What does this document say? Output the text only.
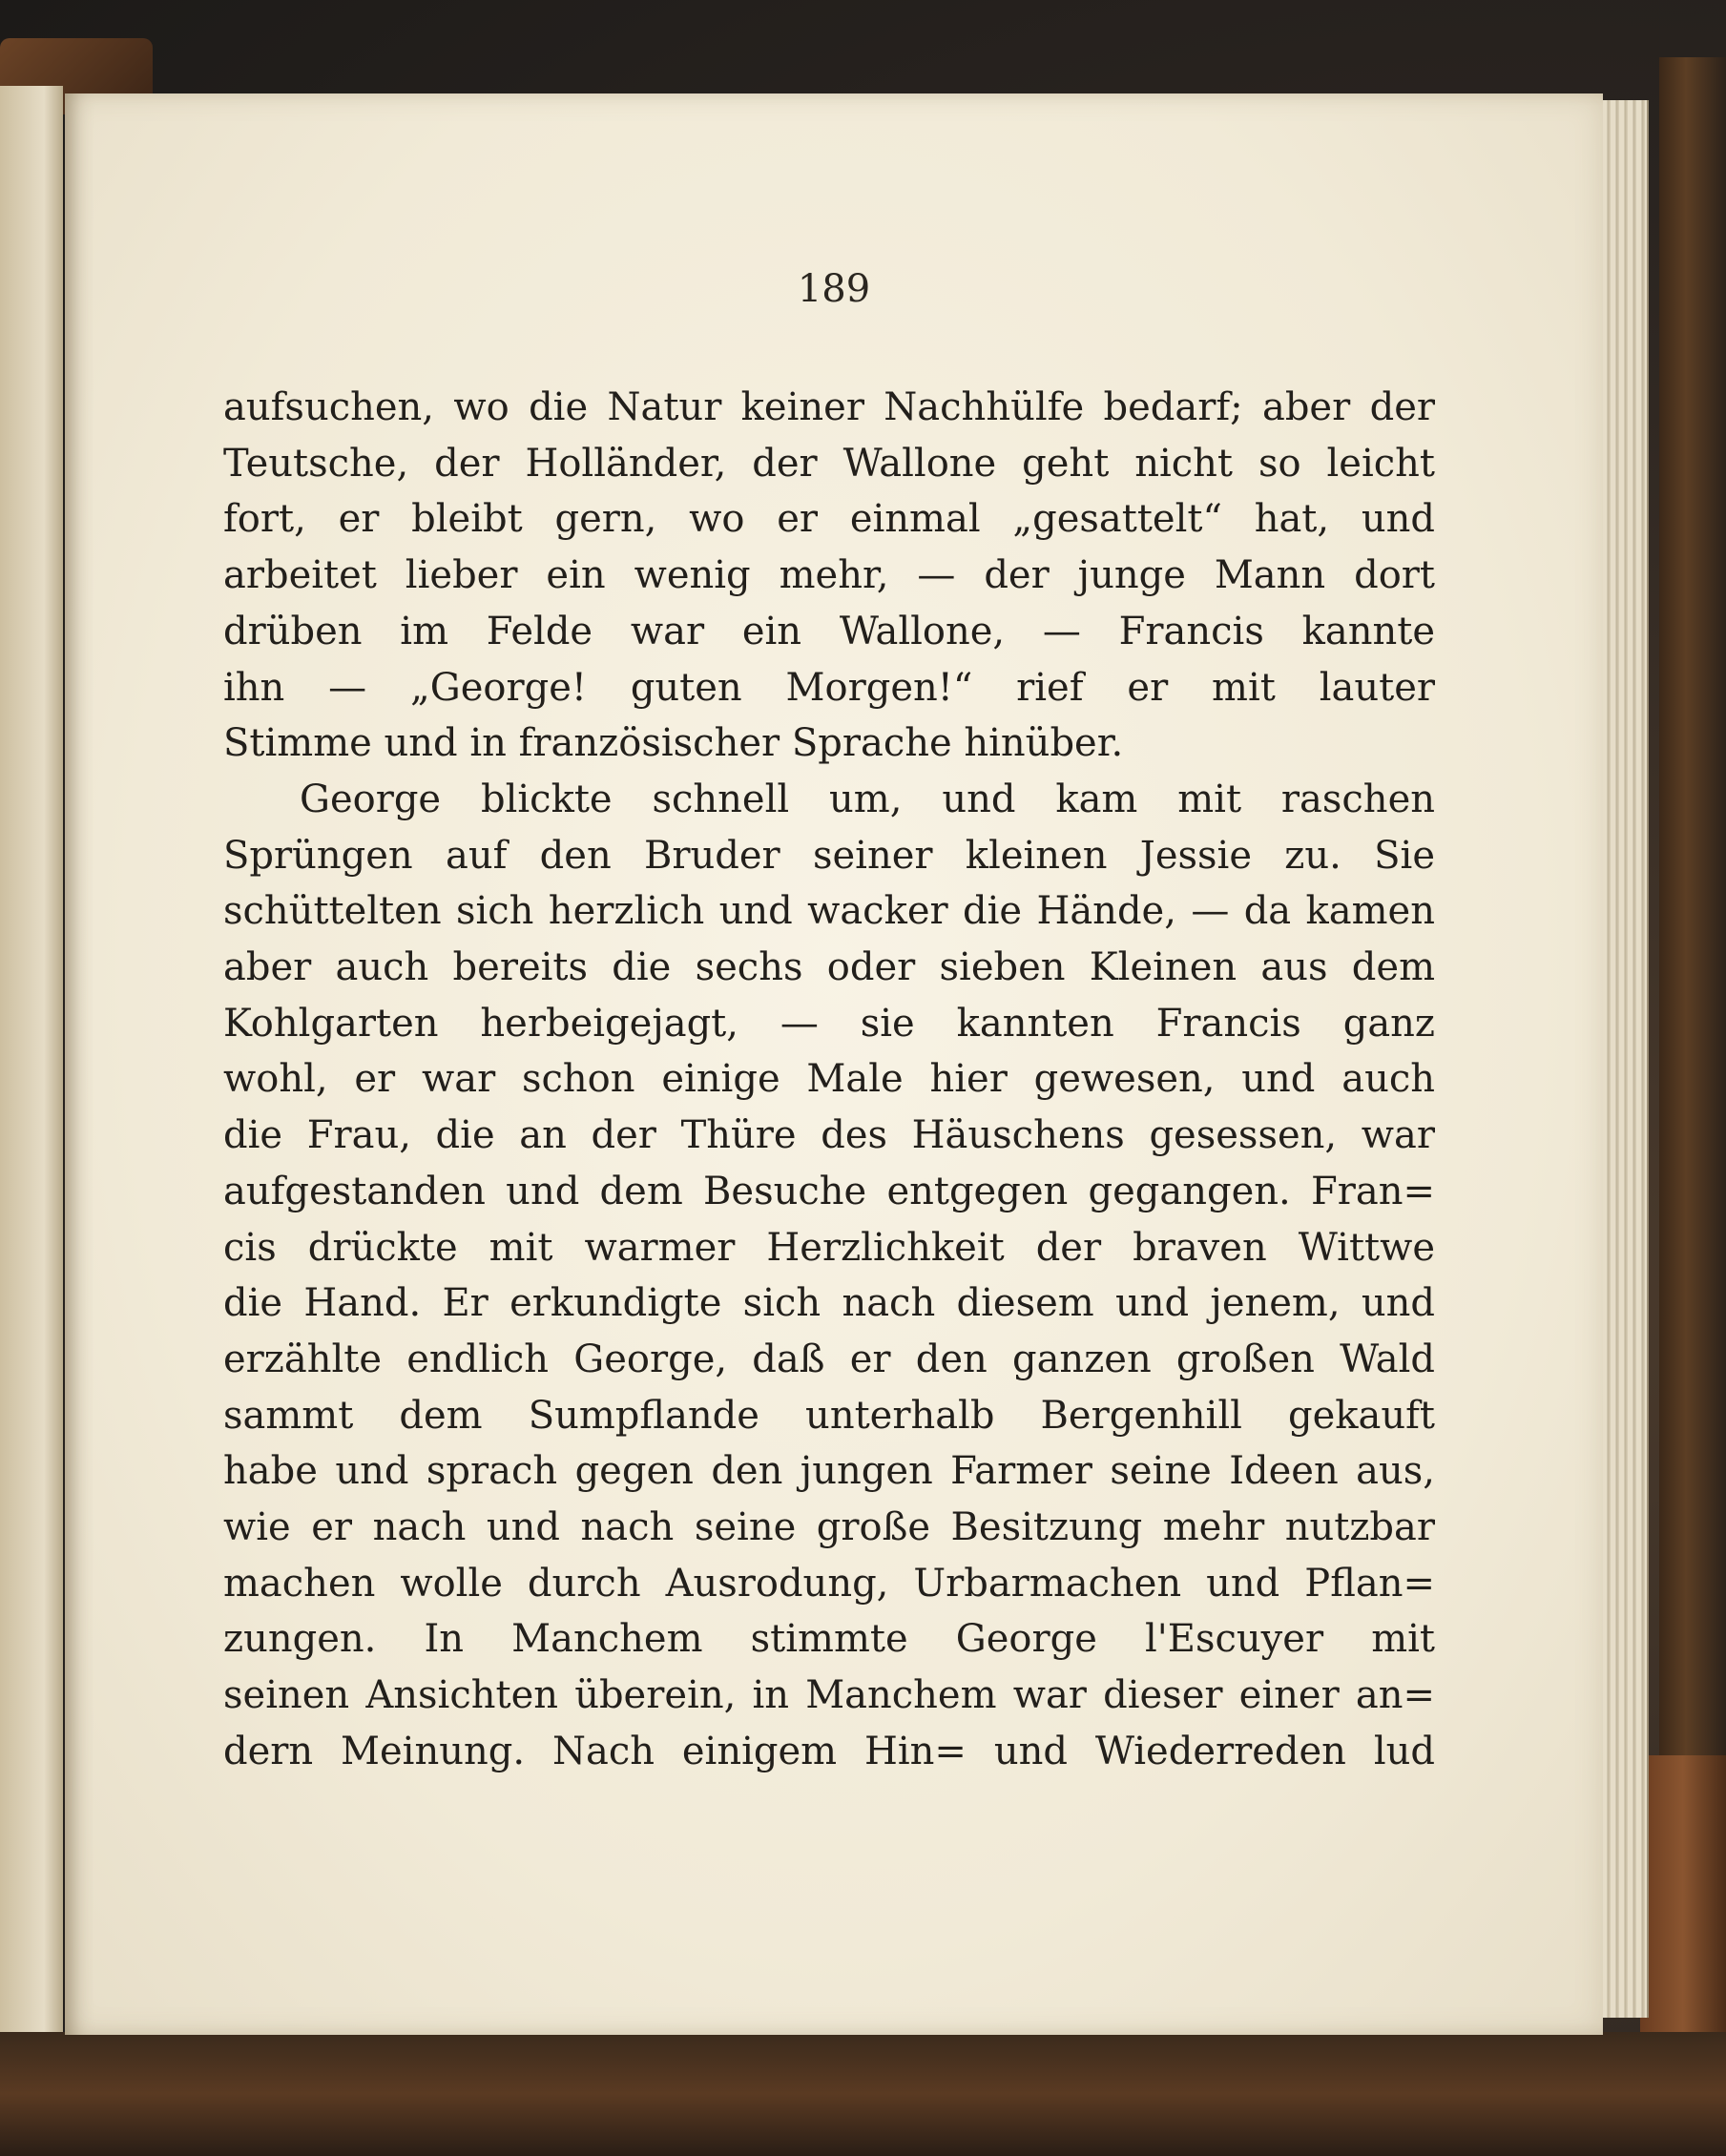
189

aufsuchen, wo die Natur keiner Nachhülfe bedarf; aber der
Teutsche, der Holländer, der Wallone geht nicht so leicht
fort, er bleibt gern, wo er einmal „gesattelt“ hat, und
arbeitet lieber ein wenig mehr, — der junge Mann dort
drüben im Felde war ein Wallone, — Francis kannte
ihn — „George! guten Morgen!“ rief er mit lauter
Stimme und in französischer Sprache hinüber.
George blickte schnell um, und kam mit raschen
Sprüngen auf den Bruder seiner kleinen Jessie zu. Sie
schüttelten sich herzlich und wacker die Hände, — da kamen
aber auch bereits die sechs oder sieben Kleinen aus dem
Kohlgarten herbeigejagt, — sie kannten Francis ganz
wohl, er war schon einige Male hier gewesen, und auch
die Frau, die an der Thüre des Häuschens gesessen, war
aufgestanden und dem Besuche entgegen gegangen. Fran=
cis drückte mit warmer Herzlichkeit der braven Wittwe
die Hand. Er erkundigte sich nach diesem und jenem, und
erzählte endlich George, daß er den ganzen großen Wald
sammt dem Sumpflande unterhalb Bergenhill gekauft
habe und sprach gegen den jungen Farmer seine Ideen aus,
wie er nach und nach seine große Besitzung mehr nutzbar
machen wolle durch Ausrodung, Urbarmachen und Pflan=
zungen. In Manchem stimmte George l'Escuyer mit
seinen Ansichten überein, in Manchem war dieser einer an=
dern Meinung. Nach einigem Hin= und Wiederreden lud
